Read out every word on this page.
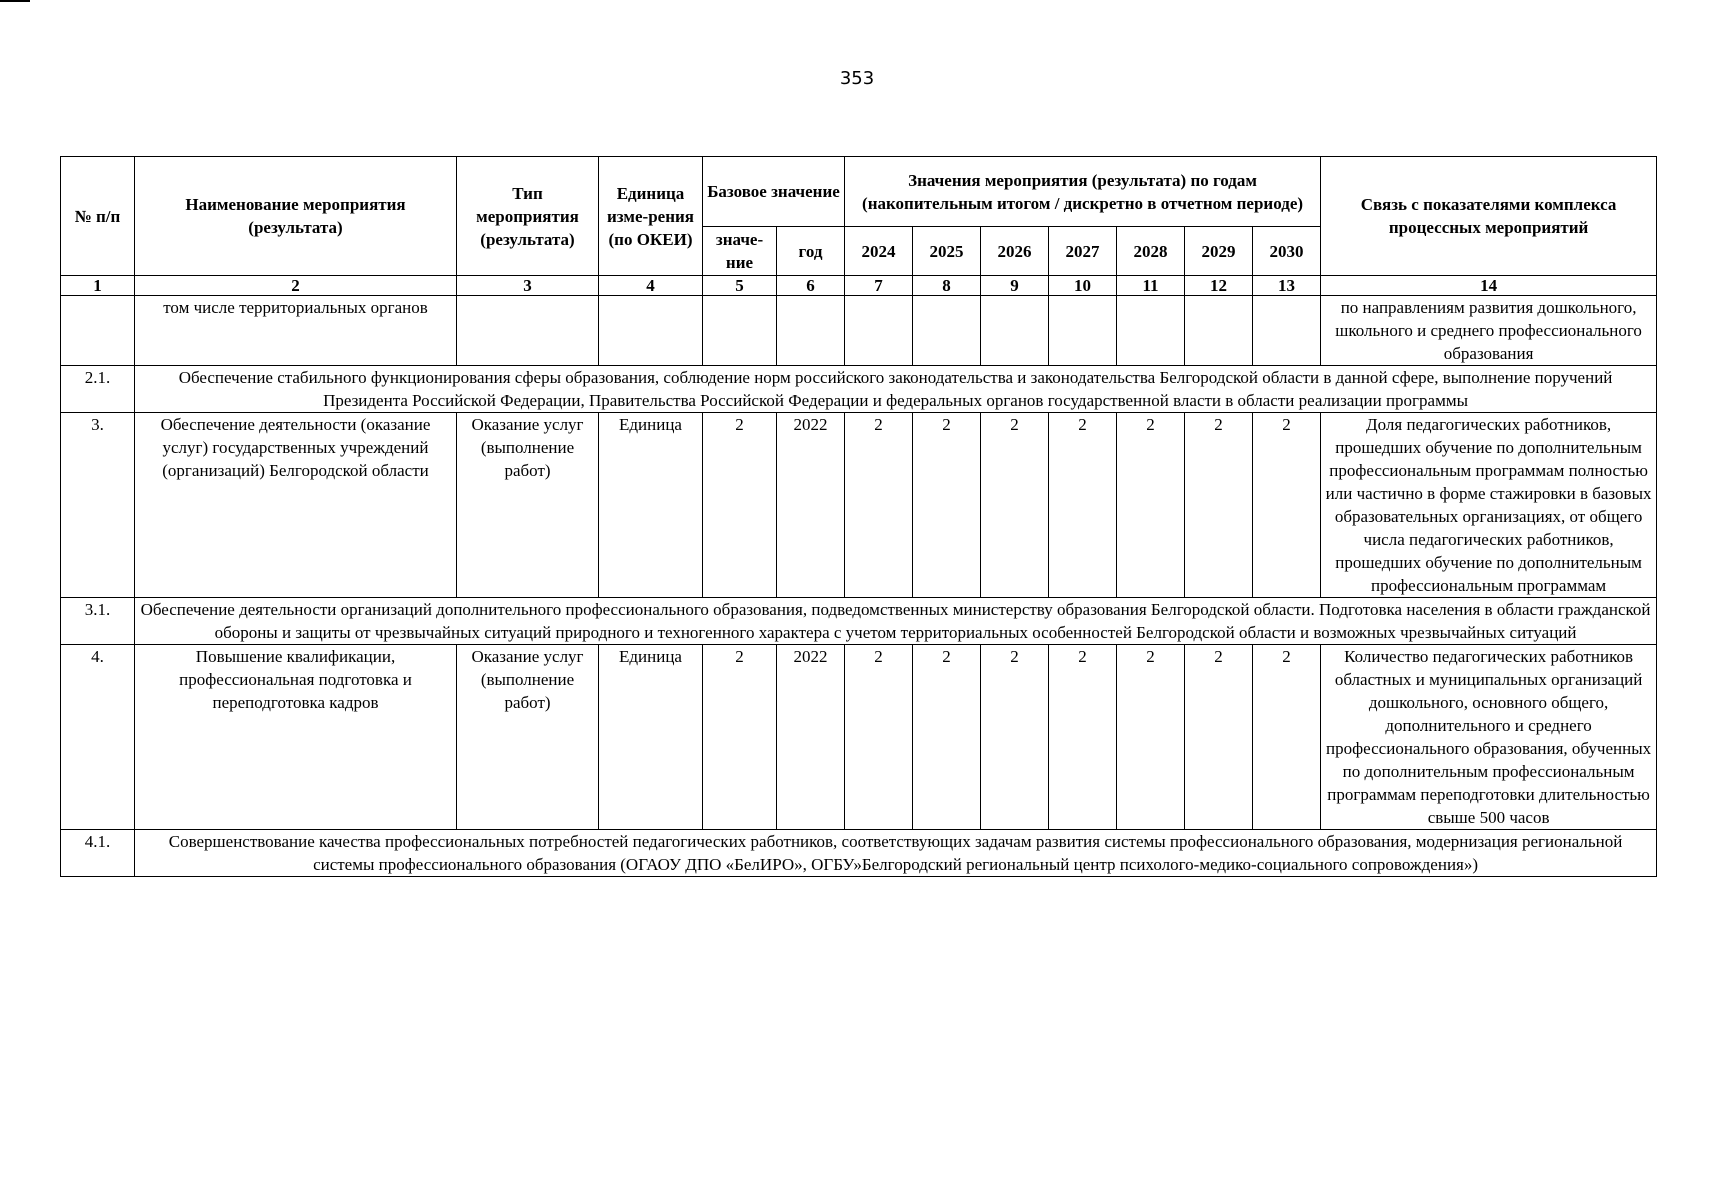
353
№ п/п	Наименование мероприятия (результата)	Тип мероприятия (результата)	Единица изме-рения (по ОКЕИ)	Базовое значение		Значения мероприятия (результата) по годам (накопительным итогом / дискретно в отчетном периоде)							Связь с показателями комплекса процессных мероприятий
				значе-ние	год	2024	2025	2026	2027	2028	2029	2030	
1	2	3	4	5	6	7	8	9	10	11	12	13	14
	том числе территориальных органов												по направлениям развития дошкольного, школьного и среднего профессионального образования
2.1.	Обеспечение стабильного функционирования сферы образования, соблюдение норм российского законодательства и законодательства Белгородской области в данной сфере, выполнение поручений Президента Российской Федерации, Правительства Российской Федерации и федеральных органов государственной власти в области реализации программы												
3.	Обеспечение деятельности (оказание услуг) государственных учреждений (организаций) Белгородской области	Оказание услуг (выполнение работ)	Единица	2	2022	2	2	2	2	2	2	2	Доля педагогических работников, прошедших обучение по дополнительным профессиональным программам полностью или частично в форме стажировки в базовых образовательных организациях, от общего числа педагогических работников, прошедших обучение по дополнительным профессиональным программам
3.1.	Обеспечение деятельности организаций дополнительного профессионального образования, подведомственных министерству образования Белгородской области. Подготовка населения в области гражданской обороны и защиты от чрезвычайных ситуаций природного и техногенного характера с учетом территориальных особенностей Белгородской области и возможных чрезвычайных ситуаций												
4.	Повышение квалификации, профессиональная подготовка и переподготовка кадров	Оказание услуг (выполнение работ)	Единица	2	2022	2	2	2	2	2	2	2	Количество педагогических работников областных и муниципальных организаций дошкольного, основного общего, дополнительного и среднего профессионального образования, обученных по дополнительным профессиональным программам переподготовки длительностью свыше 500 часов
4.1.	Совершенствование качества профессиональных потребностей педагогических работников, соответствующих задачам развития системы профессионального образования, модернизация региональной системы профессионального образования (ОГАОУ ДПО «БелИРО», ОГБУ»Белгородский региональный центр психолого-медико-социального сопровождения»)												
